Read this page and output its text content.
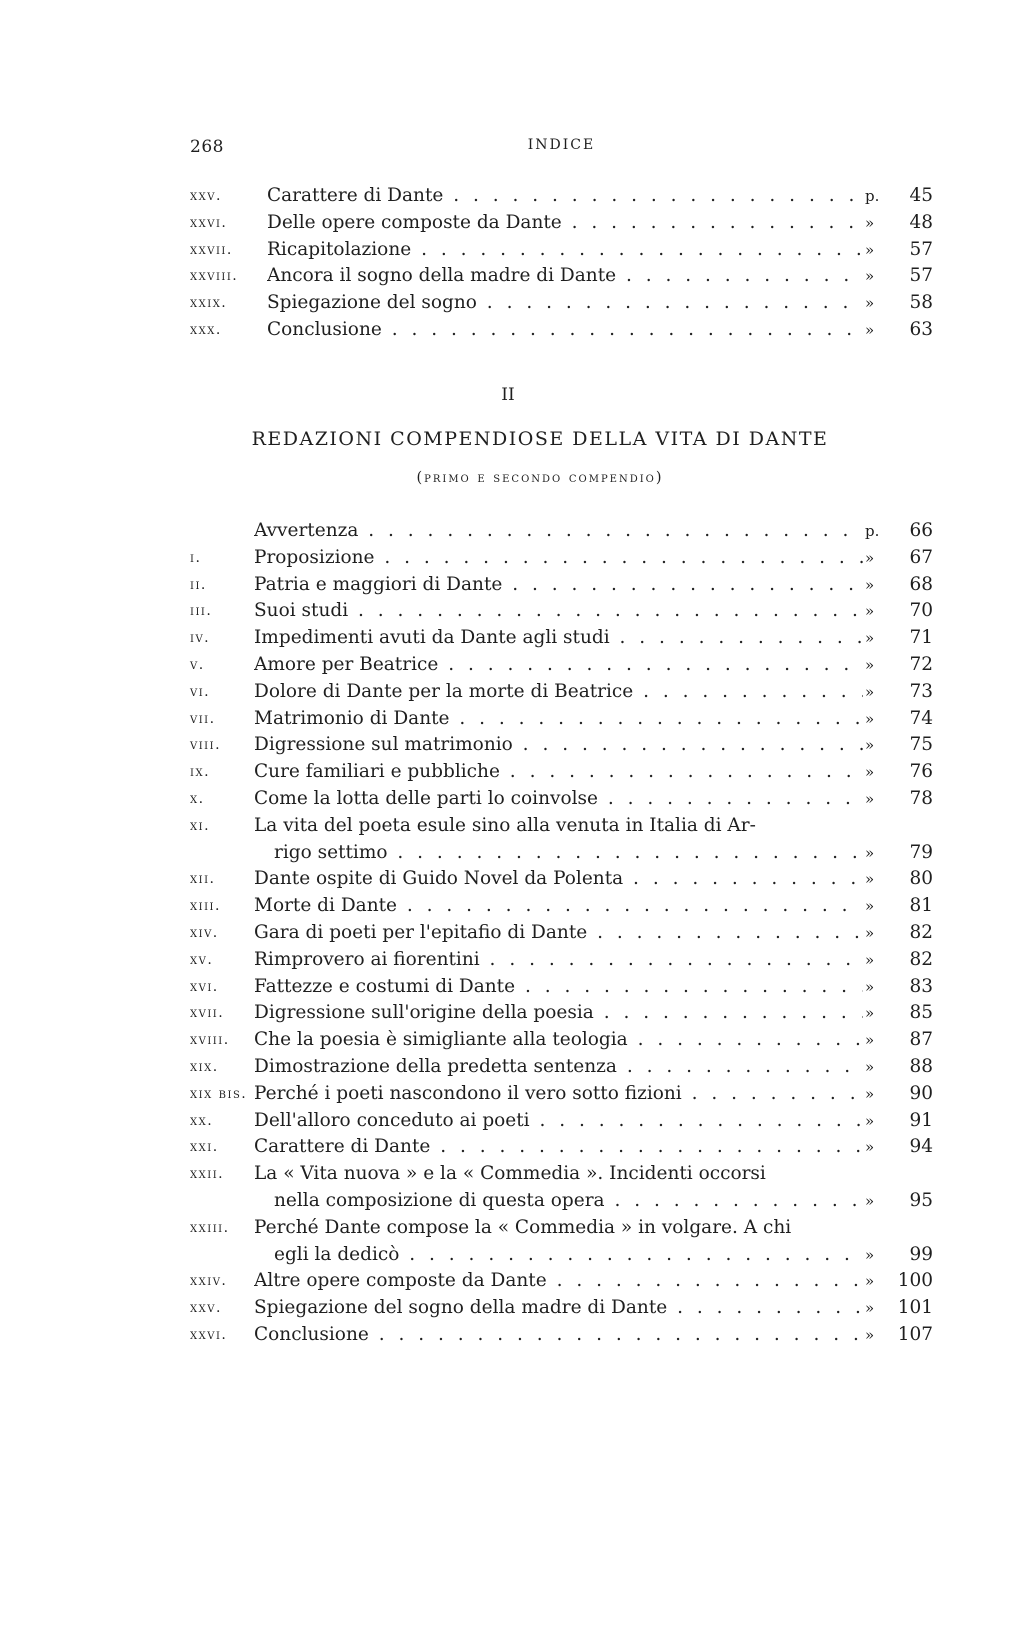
268	INDICE
xxv. Carattere di Dante . . .	p. 45
xxvi. Delle opere composte da Dante . . .	» 48
xxvii. Ricapitolazione . . .	» 57
xxviii. Ancora il sogno della madre di Dante . . .	» 57
xxix. Spiegazione del sogno . . .	» 58
xxx. Conclusione . . .	» 63
II
REDAZIONI COMPENDIOSE DELLA VITA DI DANTE
(primo e secondo compendio)
Avvertenza . . .	p. 66
i.	Proposizione . . .	» 67
ii.	Patria e maggiori di Dante . . .	» 68
iii. Suoi studi . . .	» 70
iv. Impedimenti avuti da Dante agli studi . . .	» 71
v.	Amore per Beatrice . . .	» 72
vi. Dolore di Dante per la morte di Beatrice . . .	» 73
vii. Matrimonio di Dante . . .	» 74
viii. Digressione sul matrimonio . . .	» 75
ix. Cure familiari e pubbliche . . .	» 76
x.	Come la lotta delle parti lo coinvolse . . .	» 78
xi. La vita del poeta esule sino alla venuta in Italia di Ar-
rigo settimo . . .	» 79
xii. Dante ospite di Guido Novel da Polenta . . .	» 80
xiii. Morte di Dante . . .	» 81
xiv. Gara di poeti per l'epitafio di Dante . . .	» 82
xv. Rimprovero ai fiorentini . . .	» 82
xvi. Fattezze e costumi di Dante . . .	» 83
xvii. Digressione sull'origine della poesia . . .	» 85
xviii. Che la poesia è simigliante alla teologia . . .	» 87
xix. Dimostrazione della predetta sentenza . . .	» 88
xix bis. Perché i poeti nascondono il vero sotto fizioni . . .	» 90
xx. Dell'alloro conceduto ai poeti . . .	» 91
xxi. Carattere di Dante . . .	» 94
xxii. La « Vita nuova » e la « Commedia ». Incidenti occorsi
nella composizione di questa opera . . .	» 95
xxiii. Perché Dante compose la « Commedia » in volgare. A chi
egli la dedicò . . .	» 99
xxiv. Altre opere composte da Dante . . .	» 100
xxv. Spiegazione del sogno della madre di Dante . . .	» 101
xxvi. Conclusione . . .	» 107
